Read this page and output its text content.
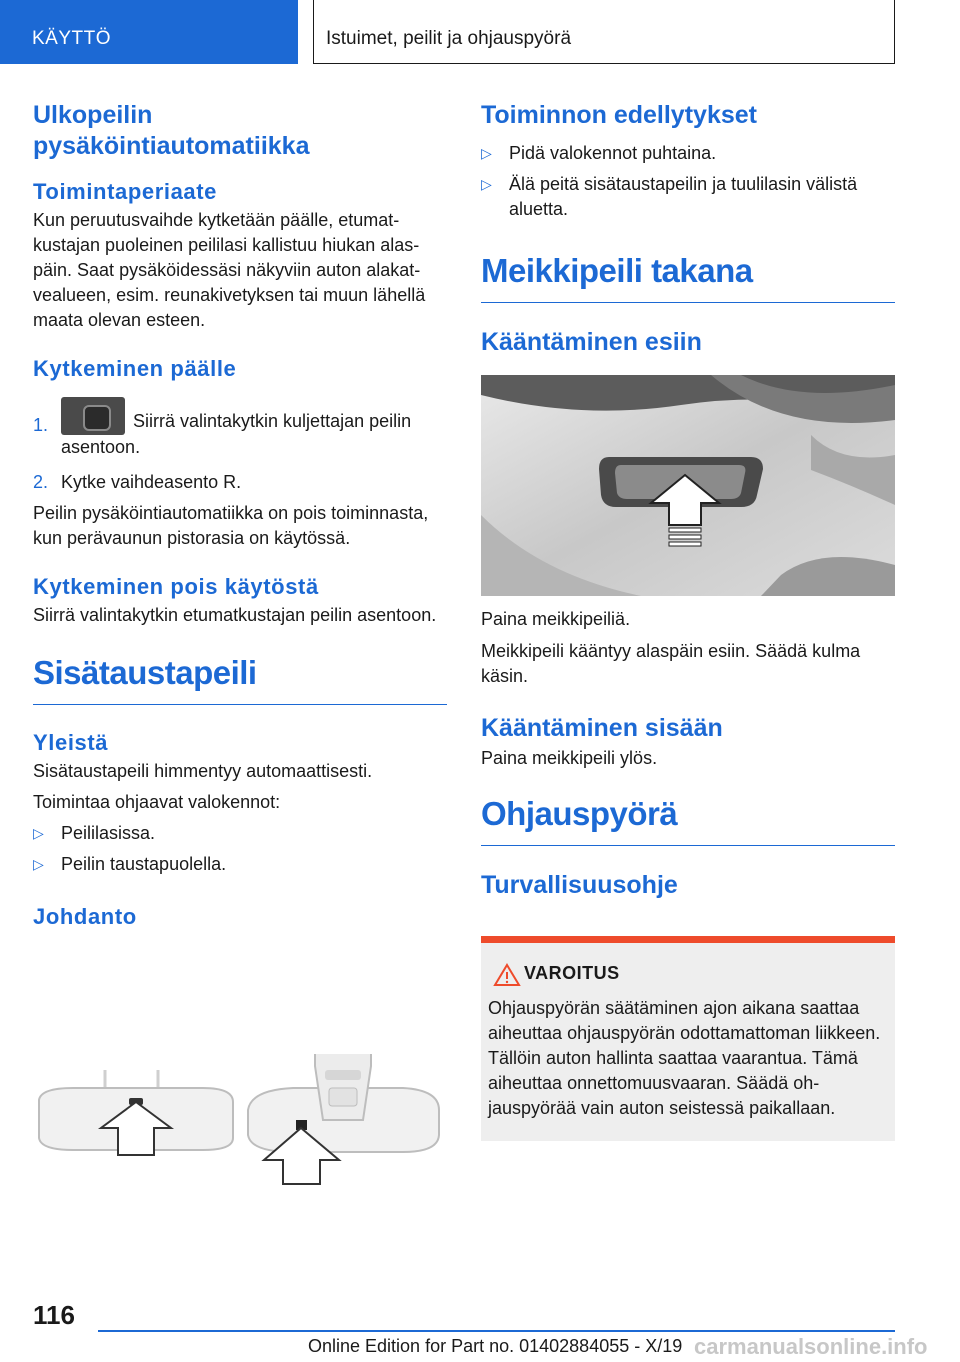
KÄYTTÖ	Istuimet, peilit ja ohjauspyörä
Ulkopeilin pysäköintiautomatiikka
Toimintaperiaate

Kun peruutusvaihde kytketään päälle, etumatkustajan puoleinen peililasi kallistuu hiukan alaspäin. Saat pysäköidessäsi näkyviin auton alakatvealueen, esim. reunakivetyksen tai muun lähellä maata olevan esteen.

Kytkeminen päälle
1.	Siirrä valintakytkin kuljettajan peilin asentoon.
2. Kytke vaihdeasento R.

Peilin pysäköintiautomatiikka on pois toiminnasta, kun perävaunun pistorasia on käytössä.

Kytkeminen pois käytöstä

Siirrä valintakytkin etumatkustajan peilin asentoon.

Sisätaustapeili
Yleistä

Sisätaustapeili himmentyy automaattisesti.

Toimintaa ohjaavat valokennot:

▷ Peililasissa.
▷ Peilin taustapuolella.
Johdanto
Toiminnon edellytykset
▷ Pidä valokennot puhtaina.
▷ Älä peitä sisätaustapeilin ja tuulilasin välistä aluetta.
Meikkipeili takana
Kääntäminen esiin

Paina meikkipeiliä.

Meikkipeili kääntyy alaspäin esiin. Säädä kulma käsin.

Kääntäminen sisään

Paina meikkipeili ylös.

Ohjauspyörä
Turvallisuusohje
VAROITUS

Ohjauspyörän säätäminen ajon aikana saattaa aiheuttaa ohjauspyörän odottamattoman liikkeen. Tällöin auton hallinta saattaa vaarantua. Tämä aiheuttaa onnettomuusvaaran. Säädä ohjauspyörää vain auton seistessä paikallaan.

116
Online Edition for Part no. 01402884055 - X/19 carmanualsonline.info
